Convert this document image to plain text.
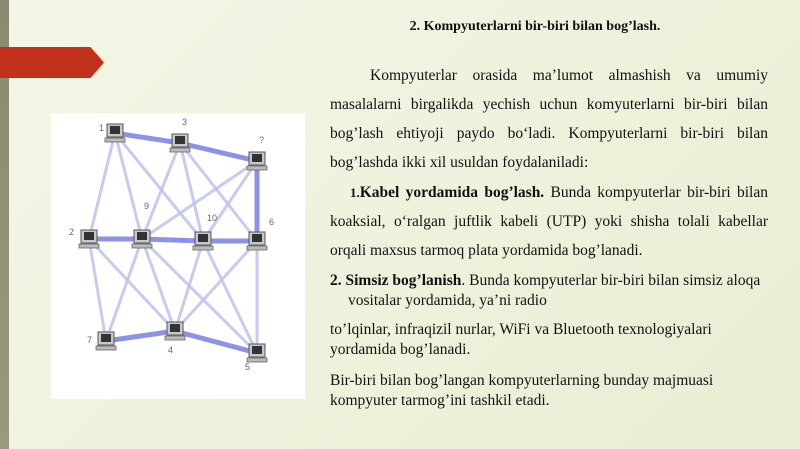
2. Kompyuterlarni bir-biri bilan bog’lash.
Kompyuterlar orasida ma’lumot almashish va umumiy masalalarni birgalikda yechish uchun komyuterlarni bir-biri bilan bog’lash ehtiyoji paydo bo‘ladi. Kompyuterlarni bir-biri bilan bog’lashda ikki xil usuldan foydalaniladi:
1.Kabel yordamida bog’lash. Bunda kompyuterlar bir-biri bilan koaksial, o‘ralgan juftlik kabeli (UTP) yoki shisha tolali kabellar orqali maxsus tarmoq plata yordamida bog’lanadi.
2. Simsiz bog’lanish. Bunda kompyuterlar bir-biri bilan simsiz aloqa vositalar yordamida, ya’ni radio
to’lqinlar, infraqizil nurlar, WiFi va Bluetooth texnologiyalari yordamida bog’lanadi.
Bir-biri bilan bog’langan kompyuterlarning bunday majmuasi kompyuter tarmog’ini tashkil etadi.
1
3
?
2
9
10	6
7
4
5
